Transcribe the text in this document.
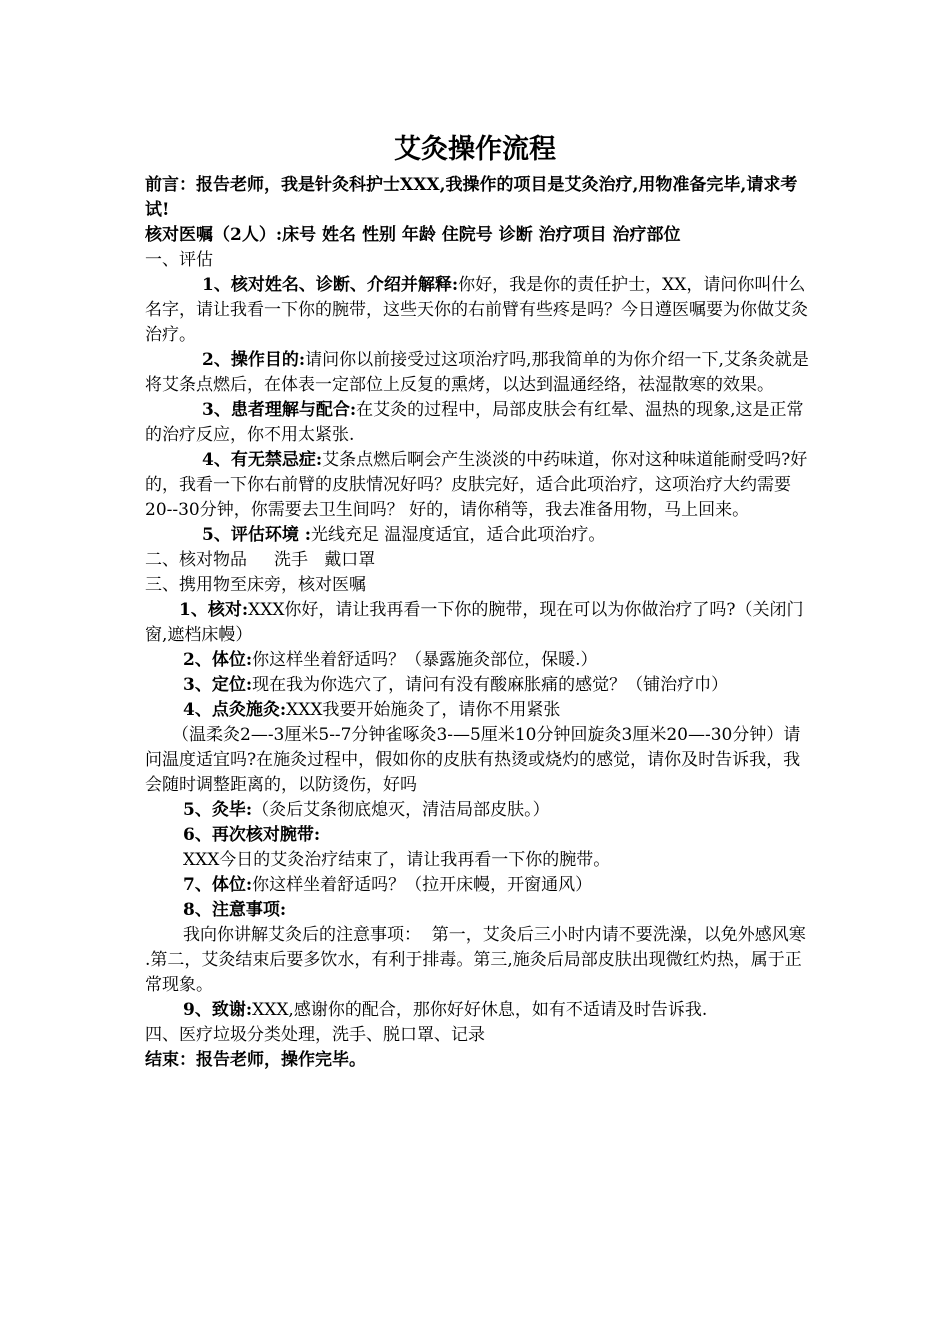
艾灸操作流程

前言：报告老师，我是针灸科护士XXX,我操作的项目是艾灸治疗,用物准备完毕,请求考试!

核对医嘱（2人）:床号 姓名 性别 年龄 住院号 诊断 治疗项目 治疗部位

一、评估

1、核对姓名、诊断、介绍并解释:你好，我是你的责任护士，XX，请问你叫什么名字，请让我看一下你的腕带，这些天你的右前臂有些疼是吗？今日遵医嘱要为你做艾灸治疗。

2、操作目的:请问你以前接受过这项治疗吗,那我简单的为你介绍一下,艾条灸就是将艾条点燃后，在体表一定部位上反复的熏烤，以达到温通经络，祛湿散寒的效果。

3、患者理解与配合:在艾灸的过程中，局部皮肤会有红晕、温热的现象,这是正常的治疗反应，你不用太紧张.

4、有无禁忌症:艾条点燃后啊会产生淡淡的中药味道，你对这种味道能耐受吗?好的，我看一下你右前臂的皮肤情况好吗？皮肤完好，适合此项治疗，这项治疗大约需要20--30分钟，你需要去卫生间吗？ 好的，请你稍等，我去准备用物，马上回来。

5、评估环境 :光线充足 温湿度适宜，适合此项治疗。

二、核对物品     洗手   戴口罩

三、携用物至床旁，核对医嘱

1、核对:XXX你好，请让我再看一下你的腕带，现在可以为你做治疗了吗?（关闭门窗,遮档床幔）

2、体位:你这样坐着舒适吗？（暴露施灸部位，保暖.）

3、定位:现在我为你选穴了，请问有没有酸麻胀痛的感觉？（铺治疗巾）

4、点灸施灸:XXX我要开始施灸了，请你不用紧张

（温柔灸2—-3厘米5--7分钟雀啄灸3-—5厘米10分钟回旋灸3厘米20—-30分钟）请问温度适宜吗?在施灸过程中，假如你的皮肤有热烫或烧灼的感觉，请你及时告诉我，我会随时调整距离的，以防烫伤，好吗

5、灸毕:（灸后艾条彻底熄灭，清洁局部皮肤。）

6、再次核对腕带:

XXX今日的艾灸治疗结束了，请让我再看一下你的腕带。

7、体位:你这样坐着舒适吗？（拉开床幔，开窗通风）

8、注意事项:

我向你讲解艾灸后的注意事项：  第一，艾灸后三小时内请不要洗澡，以免外感风寒 .第二，艾灸结束后要多饮水，有利于排毒。第三,施灸后局部皮肤出现微红灼热，属于正常现象。

9、致谢:XXX,感谢你的配合，那你好好休息，如有不适请及时告诉我.

四、医疗垃圾分类处理，洗手、脱口罩、记录

结束：报告老师，操作完毕。
